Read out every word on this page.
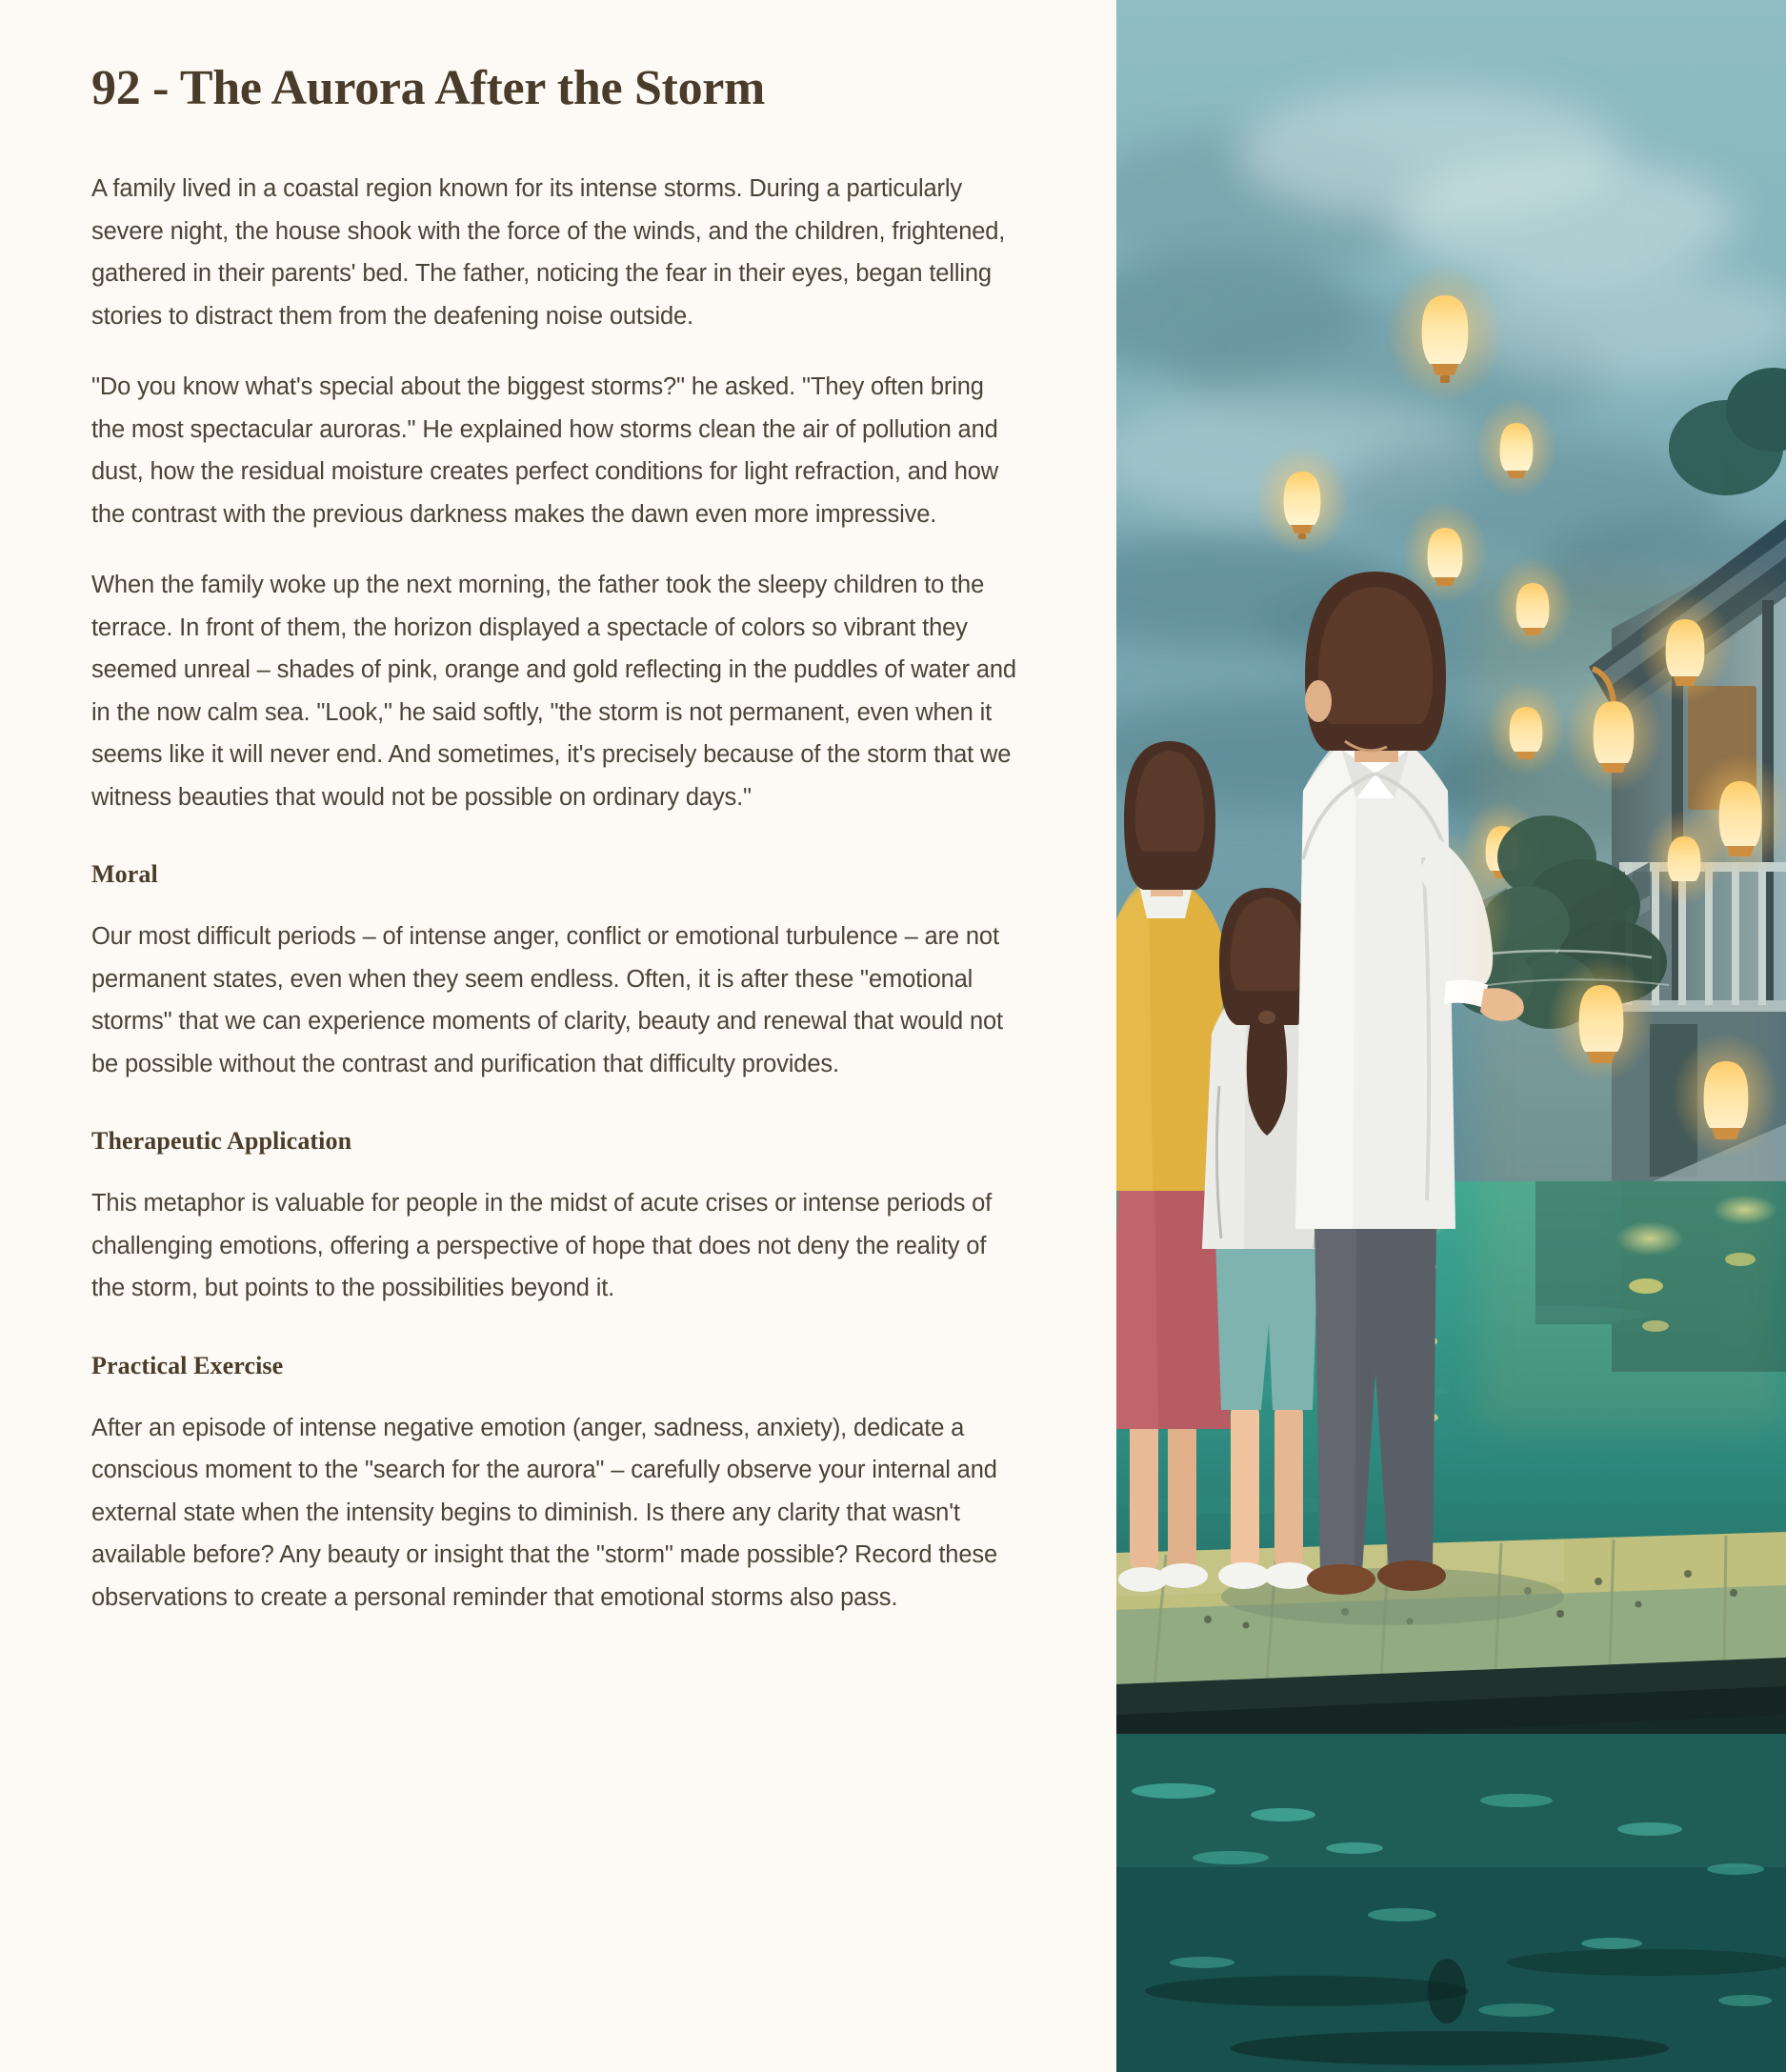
92 - The Aurora After the Storm

A family lived in a coastal region known for its intense storms. During a particularly severe night, the house shook with the force of the winds, and the children, frightened, gathered in their parents' bed. The father, noticing the fear in their eyes, began telling stories to distract them from the deafening noise outside.

"Do you know what's special about the biggest storms?" he asked. "They often bring the most spectacular auroras." He explained how storms clean the air of pollution and dust, how the residual moisture creates perfect conditions for light refraction, and how the contrast with the previous darkness makes the dawn even more impressive.

When the family woke up the next morning, the father took the sleepy children to the terrace. In front of them, the horizon displayed a spectacle of colors so vibrant they seemed unreal – shades of pink, orange and gold reflecting in the puddles of water and in the now calm sea. "Look," he said softly, "the storm is not permanent, even when it seems like it will never end. And sometimes, it's precisely because of the storm that we witness beauties that would not be possible on ordinary days."

Moral

Our most difficult periods – of intense anger, conflict or emotional turbulence – are not permanent states, even when they seem endless. Often, it is after these "emotional storms" that we can experience moments of clarity, beauty and renewal that would not be possible without the contrast and purification that difficulty provides.

Therapeutic Application

This metaphor is valuable for people in the midst of acute crises or intense periods of challenging emotions, offering a perspective of hope that does not deny the reality of the storm, but points to the possibilities beyond it.

Practical Exercise

After an episode of intense negative emotion (anger, sadness, anxiety), dedicate a conscious moment to the "search for the aurora" – carefully observe your internal and external state when the intensity begins to diminish. Is there any clarity that wasn't available before? Any beauty or insight that the "storm" made possible? Record these observations to create a personal reminder that emotional storms also pass.
